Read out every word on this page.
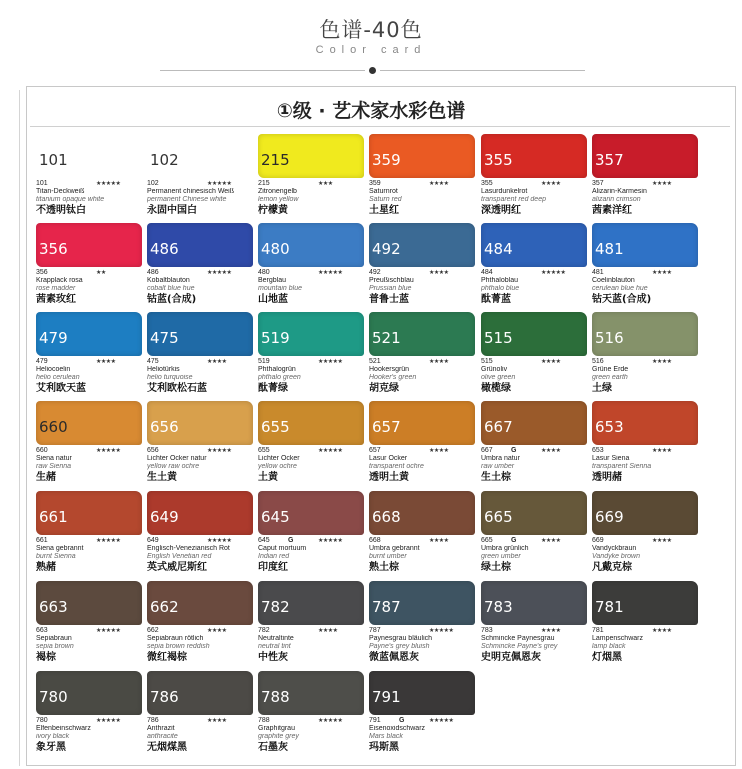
色谱-40色
Color card
①级 · 艺术家水彩色谱
101
101	★★★★★
Titan-Deckweiß
titanium opaque white
不透明钛白
102
102	★★★★★
Permanent chinesisch Weiß
permanent Chinese white
永固中国白
215
215	★★★
Zitronengelb
lemon yellow
柠檬黄
359
359	★★★★
Saturnrot
Saturn red
土星红
355
355	★★★★
Lasurdunkelrot
transparent red deep
深透明红
357
357	★★★★
Alizarin-Karmesin
alizarin crimson
茜素洋红
356
356	★★
Krapplack rosa
rose madder
茜素玫红
486
486	★★★★★
Kobaltblauton
cobalt blue hue
钴蓝(合成)
480
480	★★★★★
Bergblau
mountain blue
山地蓝
492
492	★★★★
Preußischblau
Prussian blue
普鲁士蓝
484
484	★★★★★
Phthaloblau
phthalo blue
酞菁蓝
481
481	★★★★
Coelinblauton
cerulean blue hue
钴天蓝(合成)
479
479	★★★★
Heliocoelin
helio cerulean
艾利欧天蓝
475
475	★★★★
Heliotürkis
helio turquoise
艾利欧松石蓝
519
519	★★★★★
Phthalogrün
phthalo green
酞菁绿
521
521	★★★★
Hookersgrün
Hooker's green
胡克绿
515
515	★★★★
Grünoliv
olive green
橄榄绿
516
516	★★★★
Grüne Erde
green earth
土绿
660
660	★★★★★
Siena natur
raw Sienna
生赭
656
656	★★★★★
Lichter Ocker natur
yellow raw ochre
生土黄
655
655	★★★★★
Lichter Ocker
yellow ochre
土黄
657
657	★★★★
Lasur Ocker
transparent ochre
透明土黄
667
667	G	★★★★
Umbra natur
raw umber
生土棕
653
653	★★★★
Lasur Siena
transparent Sienna
透明赭
661
661	★★★★★
Siena gebrannt
burnt Sienna
熟赭
649
649	★★★★★
Englisch-Venezianisch Rot
English Venetian red
英式威尼斯红
645
645	G	★★★★★
Caput mortuum
Indian red
印度红
668
668	★★★★
Umbra gebrannt
burnt umber
熟土棕
665
665	G	★★★★
Umbra grünlich
green umber
绿土棕
669
669	★★★★
Vandyckbraun
Vandyke brown
凡戴克棕
663
663	★★★★★
Sepiabraun
sepia brown
褐棕
662
662	★★★★
Sepiabraun rötlich
sepia brown reddish
微红褐棕
782
782	★★★★
Neutraltinte
neutral tint
中性灰
787
787	★★★★★
Paynesgrau bläulich
Payne's grey bluish
微蓝佩恩灰
783
783	★★★★
Schmincke Paynesgrau
Schmincke Payne's grey
史明克佩恩灰
781
781	★★★★
Lampenschwarz
lamp black
灯烟黑
780
780	★★★★★
Elfenbeinschwarz
ivory black
象牙黑
786
786	★★★★
Anthrazit
anthracite
无烟煤黑
788
788	★★★★★
Graphitgrau
graphite grey
石墨灰
791
791	G	★★★★★
Eisenoxidschwarz
Mars black
玛斯黑
